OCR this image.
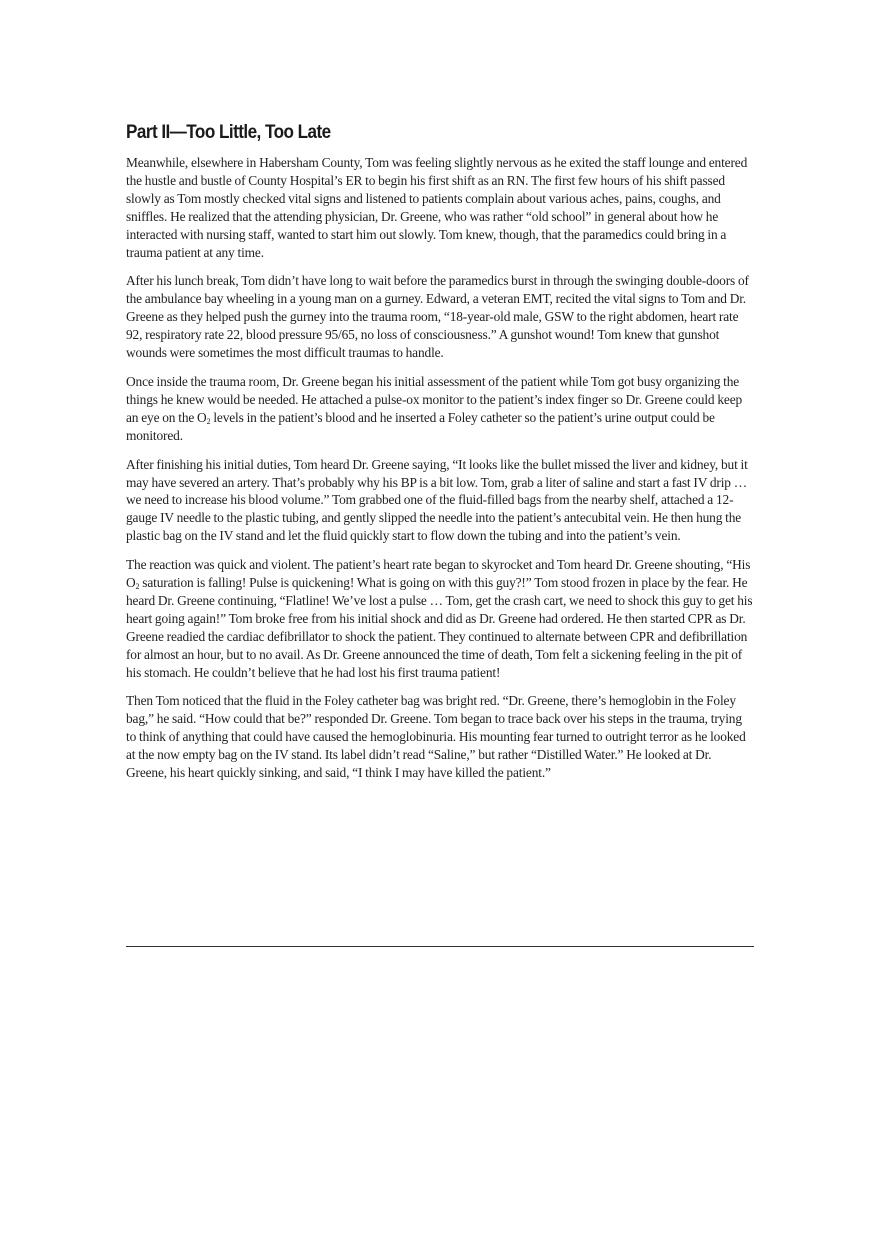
Part II—Too Little, Too Late

Meanwhile, elsewhere in Habersham County, Tom was feeling slightly nervous as he exited the staff lounge and entered the hustle and bustle of County Hospital’s ER to begin his first shift as an RN. The first few hours of his shift passed slowly as Tom mostly checked vital signs and listened to patients complain about various aches, pains, coughs, and sniffles. He realized that the attending physician, Dr. Greene, who was rather “old school” in general about how he interacted with nursing staff, wanted to start him out slowly. Tom knew, though, that the paramedics could bring in a trauma patient at any time.

After his lunch break, Tom didn’t have long to wait before the paramedics burst in through the swinging double-doors of the ambulance bay wheeling in a young man on a gurney. Edward, a veteran EMT, recited the vital signs to Tom and Dr. Greene as they helped push the gurney into the trauma room, “18-year-old male, GSW to the right abdomen, heart rate 92, respiratory rate 22, blood pressure 95/65, no loss of consciousness.” A gunshot wound! Tom knew that gunshot wounds were sometimes the most difficult traumas to handle.

Once inside the trauma room, Dr. Greene began his initial assessment of the patient while Tom got busy organizing the things he knew would be needed. He attached a pulse-ox monitor to the patient’s index finger so Dr. Greene could keep an eye on the $O_2$ levels in the patient’s blood and he inserted a Foley catheter so the patient’s urine output could be monitored.

After finishing his initial duties, Tom heard Dr. Greene saying, “It looks like the bullet missed the liver and kidney, but it may have severed an artery. That’s probably why his BP is a bit low. Tom, grab a liter of saline and start a fast IV drip … we need to increase his blood volume.” Tom grabbed one of the fluid-filled bags from the nearby shelf, attached a 12-gauge IV needle to the plastic tubing, and gently slipped the needle into the patient’s antecubital vein. He then hung the plastic bag on the IV stand and let the fluid quickly start to flow down the tubing and into the patient’s vein.

The reaction was quick and violent. The patient’s heart rate began to skyrocket and Tom heard Dr. Greene shouting, “His $O_2$ saturation is falling! Pulse is quickening! What is going on with this guy?!” Tom stood frozen in place by the fear. He heard Dr. Greene continuing, “Flatline! We’ve lost a pulse … Tom, get the crash cart, we need to shock this guy to get his heart going again!” Tom broke free from his initial shock and did as Dr. Greene had ordered. He then started CPR as Dr. Greene readied the cardiac defibrillator to shock the patient. They continued to alternate between CPR and defibrillation for almost an hour, but to no avail. As Dr. Greene announced the time of death, Tom felt a sickening feeling in the pit of his stomach. He couldn’t believe that he had lost his first trauma patient!

Then Tom noticed that the fluid in the Foley catheter bag was bright red. “Dr. Greene, there’s hemoglobin in the Foley bag,” he said. “How could that be?” responded Dr. Greene. Tom began to trace back over his steps in the trauma, trying to think of anything that could have caused the hemoglobinuria. His mounting fear turned to outright terror as he looked at the now empty bag on the IV stand. Its label didn’t read “Saline,” but rather “Distilled Water.” He looked at Dr. Greene, his heart quickly sinking, and said, “I think I may have killed the patient.”
